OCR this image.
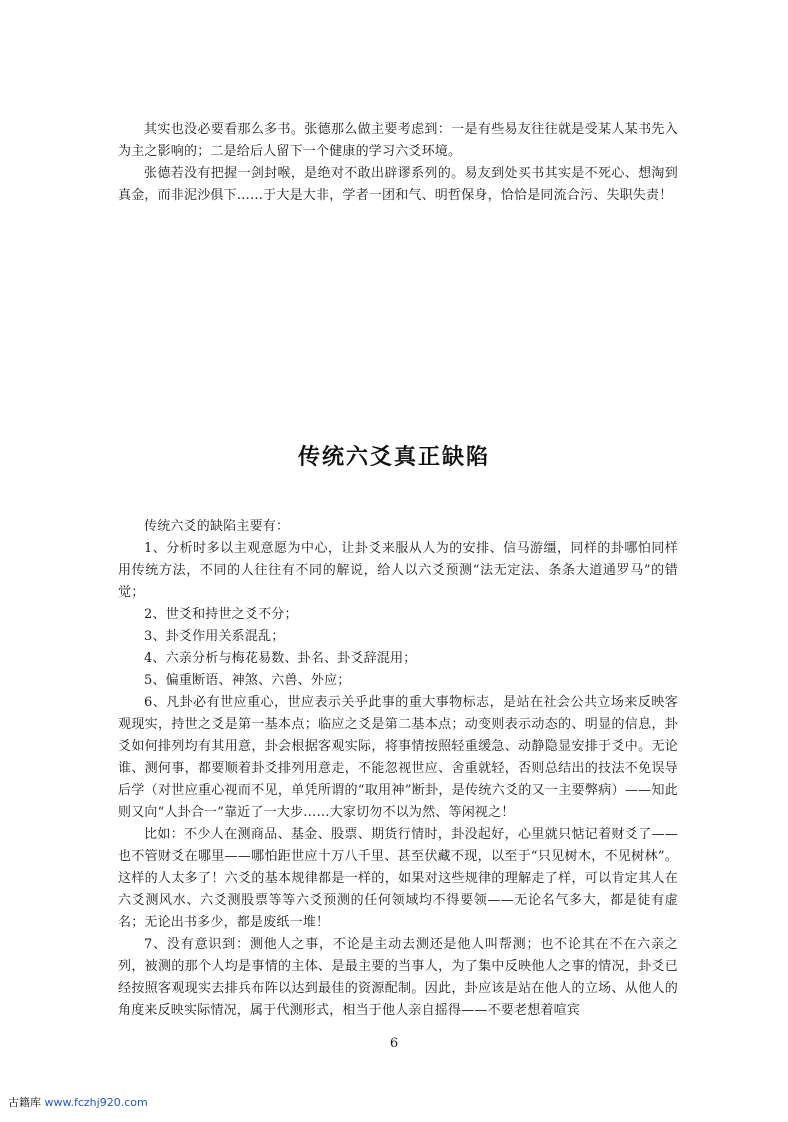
其实也没必要看那么多书。张德那么做主要考虑到：一是有些易友往往就是受某人某书先入为主之影响的；二是给后人留下一个健康的学习六爻环境。

张德若没有把握一剑封喉，是绝对不敢出辟谬系列的。易友到处买书其实是不死心、想淘到真金，而非泥沙俱下……于大是大非，学者一团和气、明哲保身，恰恰是同流合污、失职失责！

传统六爻真正缺陷

传统六爻的缺陷主要有：

1、分析时多以主观意愿为中心，让卦爻来服从人为的安排、信马游缰，同样的卦哪怕同样用传统方法，不同的人往往有不同的解说，给人以六爻预测“法无定法、条条大道通罗马”的错觉；

2、世爻和持世之爻不分；

3、卦爻作用关系混乱；

4、六亲分析与梅花易数、卦名、卦爻辞混用；

5、偏重断语、神煞、六兽、外应；

6、凡卦必有世应重心，世应表示关乎此事的重大事物标志，是站在社会公共立场来反映客观现实，持世之爻是第一基本点；临应之爻是第二基本点；动变则表示动态的、明显的信息，卦爻如何排列均有其用意，卦会根据客观实际，将事情按照轻重缓急、动静隐显安排于爻中。无论谁、测何事，都要顺着卦爻排列用意走，不能忽视世应、舍重就轻，否则总结出的技法不免误导后学（对世应重心视而不见，单凭所谓的“取用神”断卦，是传统六爻的又一主要弊病）——知此则又向“人卦合一”靠近了一大步……大家切勿不以为然、等闲视之！

比如：不少人在测商品、基金、股票、期货行情时，卦没起好，心里就只惦记着财爻了——也不管财爻在哪里——哪怕距世应十万八千里、甚至伏藏不现，以至于“只见树木，不见树林”。这样的人太多了！六爻的基本规律都是一样的，如果对这些规律的理解走了样，可以肯定其人在六爻测风水、六爻测股票等等六爻预测的任何领域均不得要领——无论名气多大，都是徒有虚名；无论出书多少，都是废纸一堆！

7、没有意识到：测他人之事，不论是主动去测还是他人叫帮测；也不论其在不在六亲之列，被测的那个人均是事情的主体、是最主要的当事人，为了集中反映他人之事的情况，卦爻已经按照客观现实去排兵布阵以达到最佳的资源配制。因此，卦应该是站在他人的立场、从他人的角度来反映实际情况，属于代测形式，相当于他人亲自摇得——不要老想着喧宾

6
古籍库 www.fczhj920.com
